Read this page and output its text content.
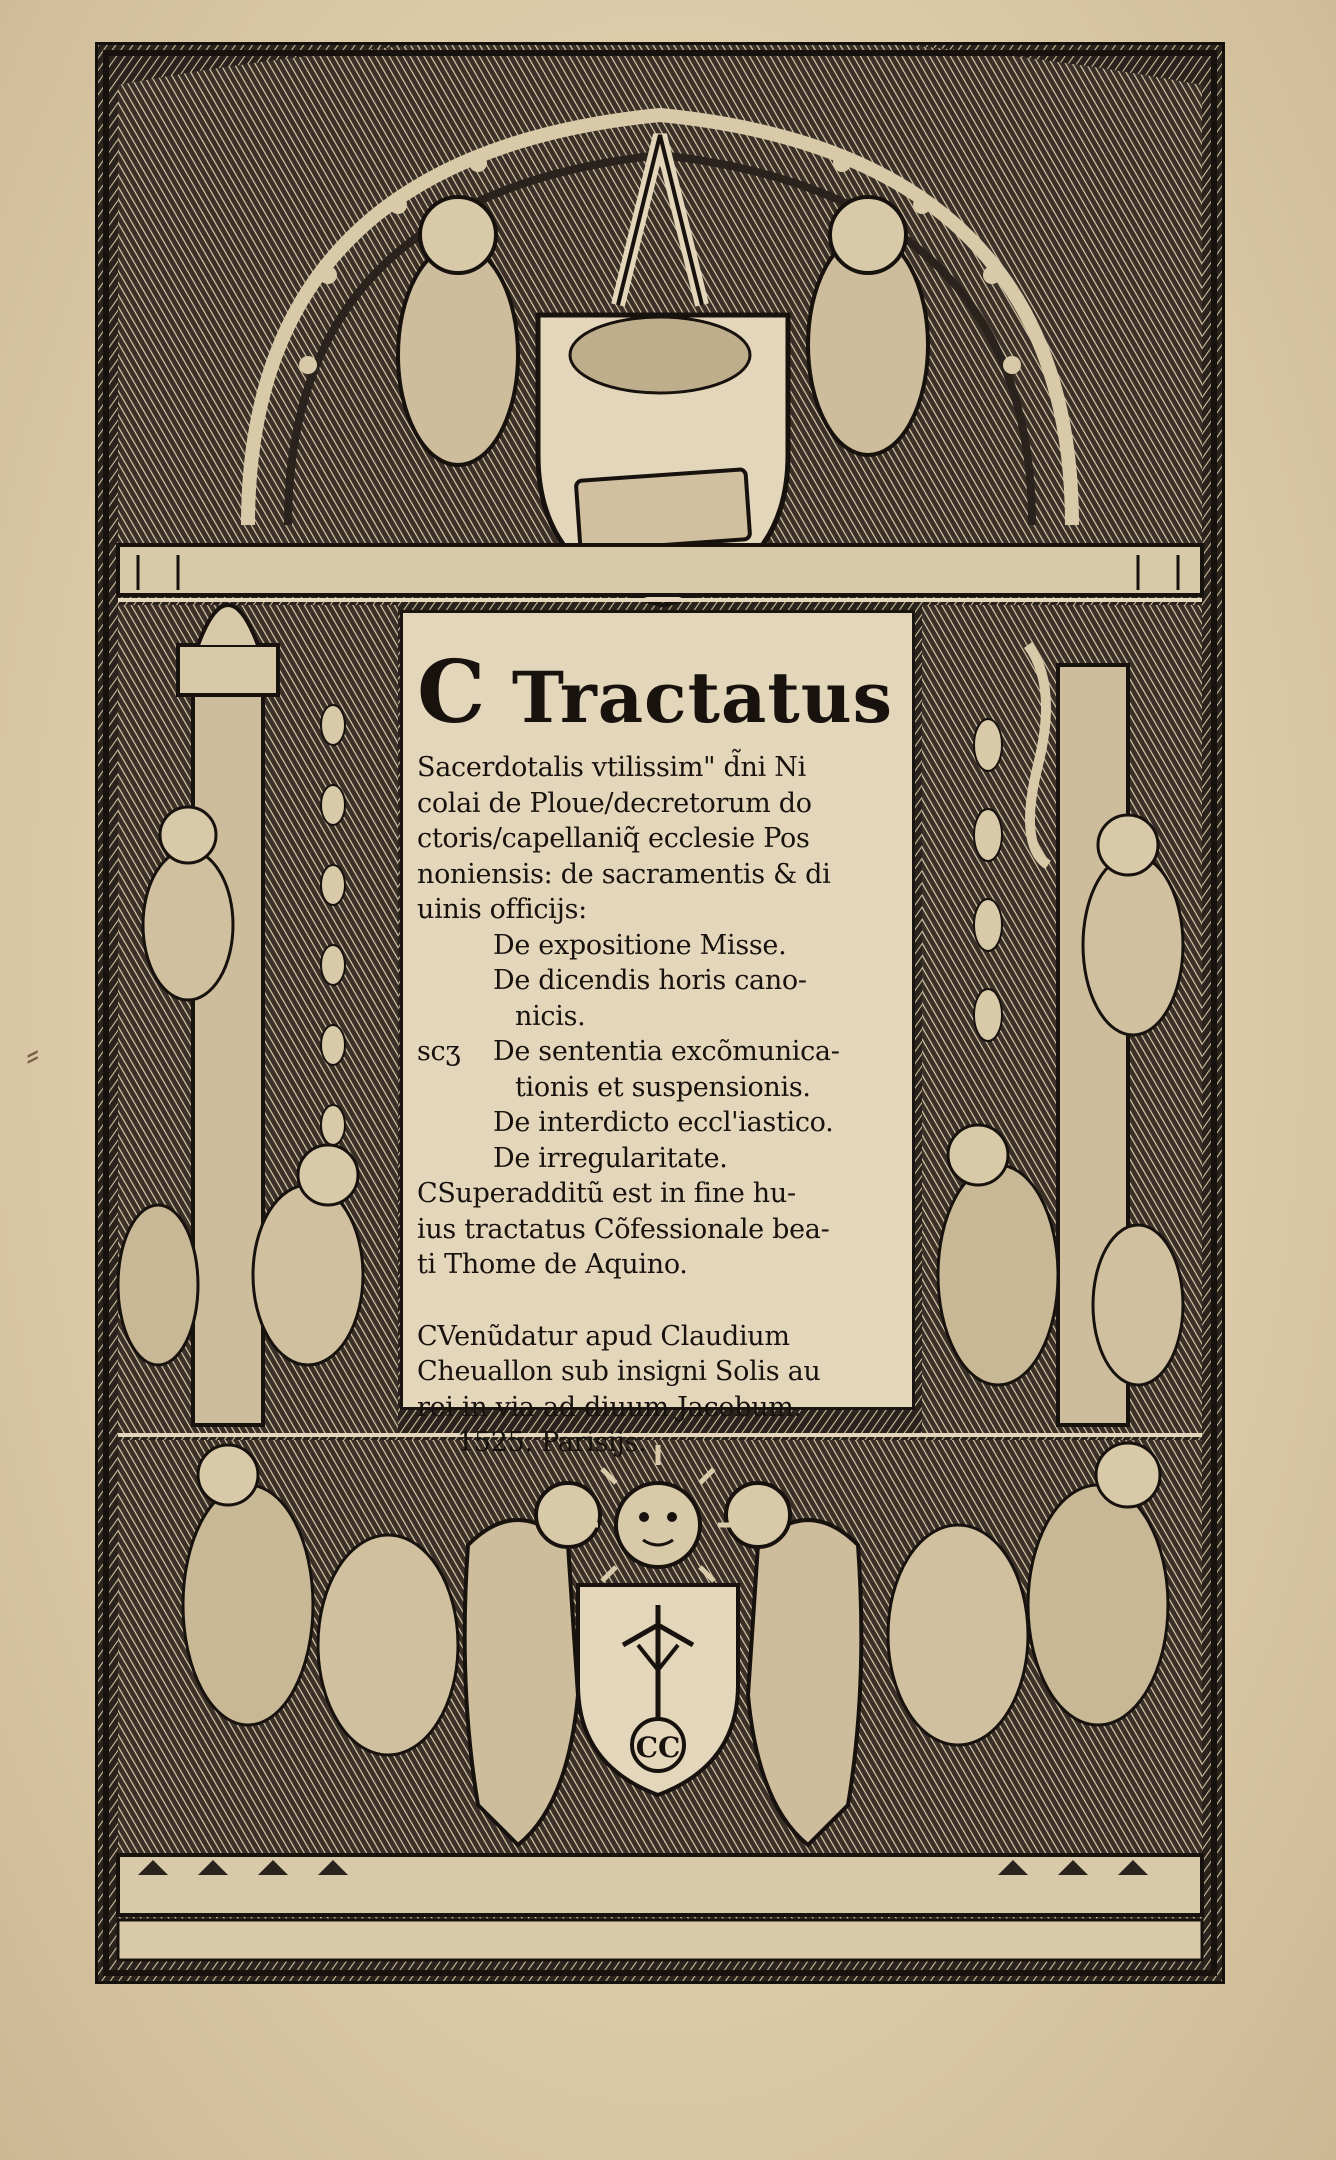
⸗
CC
C Tractatus
Sacerdotalis vtilissim" d̃ni Ni
colai de Ploue/decretorum do
ctoris/capellaniq̃ ecclesie Pos
noniensis: de sacramentis & di
uinis officijs:
De expositione Misse.
De dicendis horis cano-
nicis.
scʒ	De sententia excõmunica-
tionis et suspensionis.
De interdicto eccl'iastico.
De irregularitate.
CSuperadditũ est in fine hu-
ius tractatus Cõfessionale bea-
ti Thome de Aquino.
CVenũdatur apud Claudium
Cheuallon sub insigni Solis au
rei in via ad diuum Jacobum.
1525. Parisijs.
